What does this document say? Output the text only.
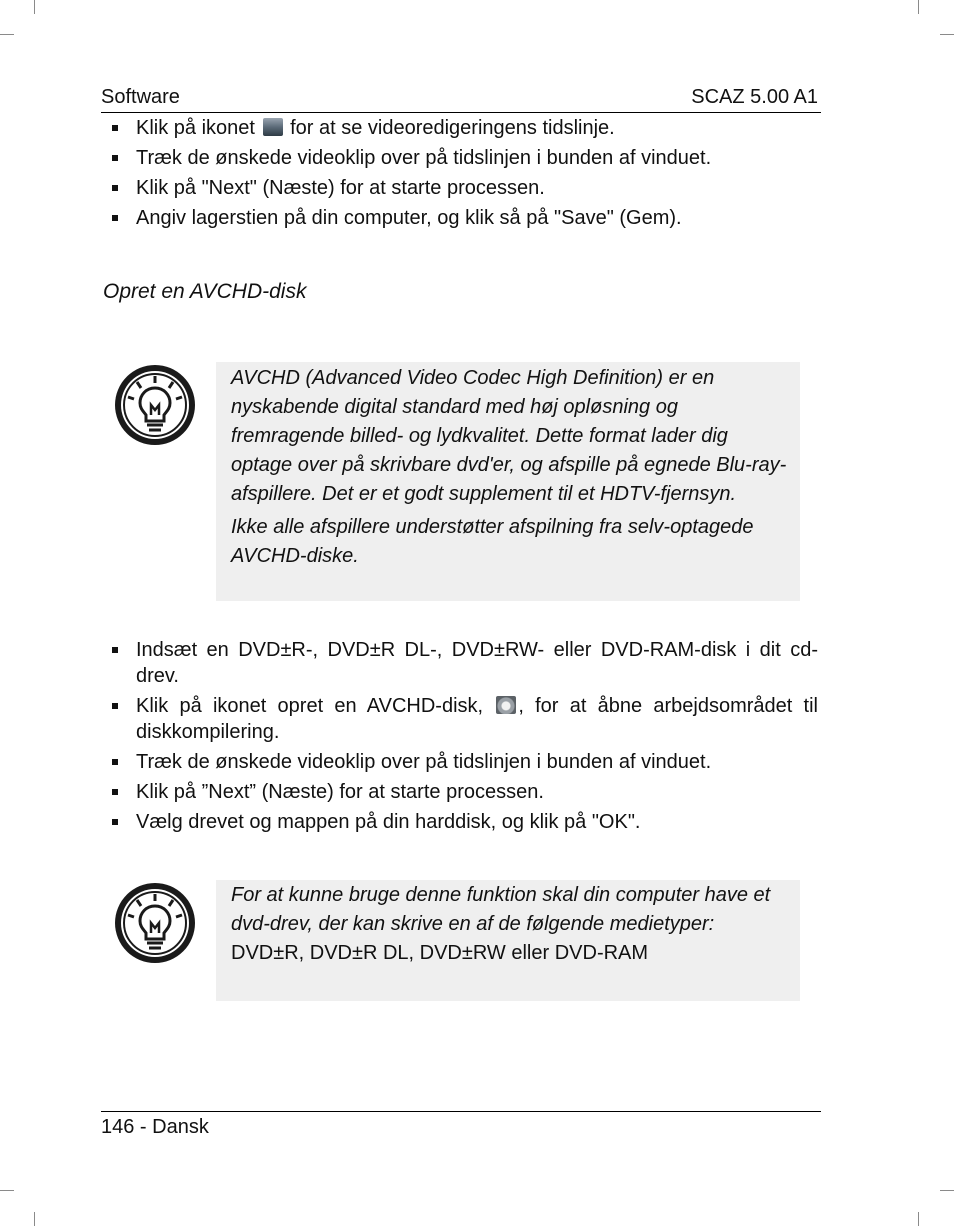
Software	SCAZ 5.00 A1
Klik på ikonet  for at se videoredigeringens tidslinje.
Træk de ønskede videoklip over på tidslinjen i bunden af vinduet.
Klik på "Next" (Næste) for at starte processen.
Angiv lagerstien på din computer, og klik så på "Save" (Gem).
Opret en AVCHD-disk

AVCHD (Advanced Video Codec High Definition) er en nyskabende digital standard med høj opløsning og fremragende billed- og lydkvalitet. Dette format lader dig optage over på skrivbare dvd'er, og afspille på egnede Blu-ray-afspillere. Det er et godt supplement til et HDTV-fjernsyn.

Ikke alle afspillere understøtter afspilning fra selv-optagede AVCHD-diske.

Indsæt en DVD±R-, DVD±R DL-, DVD±RW- eller DVD-RAM-disk i dit cd-drev.
Klik på ikonet opret en AVCHD-disk, , for at åbne arbejdsområdet til diskkompilering.
Træk de ønskede videoklip over på tidslinjen i bunden af vinduet.
Klik på ”Next” (Næste) for at starte processen.
Vælg drevet og mappen på din harddisk, og klik på "OK".

For at kunne bruge denne funktion skal din computer have et dvd-drev, der kan skrive en af de følgende medietyper: DVD±R, DVD±R DL, DVD±RW eller DVD-RAM

146 - Dansk
